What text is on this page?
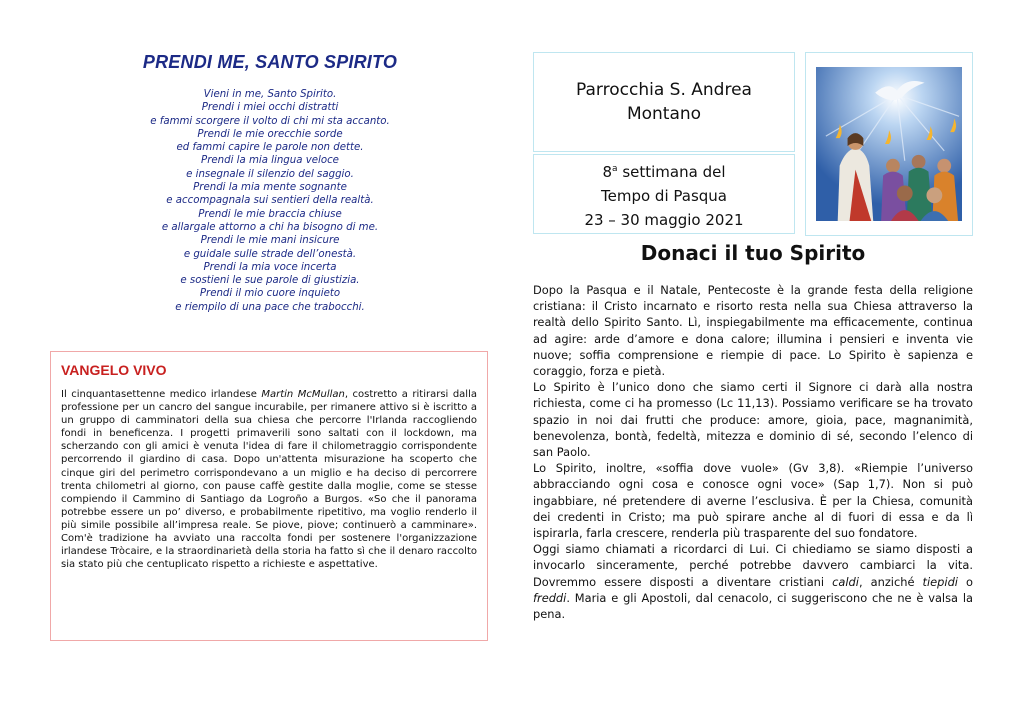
PRENDI ME, SANTO SPIRITO
Vieni in me, Santo Spirito.
Prendi i miei occhi distratti
e fammi scorgere il volto di chi mi sta accanto.
Prendi le mie orecchie sorde
ed fammi capire le parole non dette.
Prendi la mia lingua veloce
e insegnale il silenzio del saggio.
Prendi la mia mente sognante
e accompagnala sui sentieri della realtà.
Prendi le mie braccia chiuse
e allargale attorno a chi ha bisogno di me.
Prendi le mie mani insicure
e guidale sulle strade dell’onestà.
Prendi la mia voce incerta
e sostieni le sue parole di giustizia.
Prendi il mio cuore inquieto
e riempilo di una pace che trabocchi.
VANGELO VIVO

Il cinquantasettenne medico irlandese Martin McMullan, costretto a ritirarsi dalla professione per un cancro del sangue incurabile, per rimanere attivo si è iscritto a un gruppo di camminatori della sua chiesa che percorre l'Irlanda raccogliendo fondi in beneficenza. I progetti primaverili sono saltati con il lockdown, ma scherzando con gli amici è venuta l'idea di fare il chilometraggio corrispondente percorrendo il giardino di casa. Dopo un'attenta misurazione ha scoperto che cinque giri del perimetro corrispondevano a un miglio e ha deciso di percorrere trenta chilometri al giorno, con pause caffè gestite dalla moglie, come se stesse compiendo il Cammino di Santiago da Logroño a Burgos. «So che il panorama potrebbe essere un po’ diverso, e probabilmente ripetitivo, ma voglio renderlo il più simile possibile all’impresa reale. Se piove, piove; continuerò a camminare». Com'è tradizione ha avviato una raccolta fondi per sostenere l'organizzazione irlandese Tròcaire, e la straordinarietà della storia ha fatto sì che il denaro raccolto sia stato più che centuplicato rispetto a richieste e aspettative.

Parrocchia S. Andrea
Montano
8$^a$ settimana del
Tempo di Pasqua
23 – 30 maggio 2021
Donaci il tuo Spirito

Dopo la Pasqua e il Natale, Pentecoste è la grande festa della religione cristiana: il Cristo incarnato e risorto resta nella sua Chiesa attraverso la realtà dello Spirito Santo. Lì, inspiegabilmente ma efficacemente, continua ad agire: arde d’amore e dona calore; illumina i pensieri e inventa vie nuove; soffia comprensione e riempie di pace. Lo Spirito è sapienza e coraggio, forza e pietà.

Lo Spirito è l’unico dono che siamo certi il Signore ci darà alla nostra richiesta, come ci ha promesso (Lc 11,13). Possiamo verificare se ha trovato spazio in noi dai frutti che produce: amore, gioia, pace, magnanimità, benevolenza, bontà, fedeltà, mitezza e dominio di sé, secondo l’elenco di san Paolo.

Lo Spirito, inoltre, «soffia dove vuole» (Gv 3,8). «Riempie l’universo abbracciando ogni cosa e conosce ogni voce» (Sap 1,7). Non si può ingabbiare, né pretendere di averne l’esclusiva. È per la Chiesa, comunità dei credenti in Cristo; ma può spirare anche al di fuori di essa e da lì ispirarla, farla crescere, renderla più trasparente del suo fondatore.

Oggi siamo chiamati a ricordarci di Lui. Ci chiediamo se siamo disposti a invocarlo sinceramente, perché potrebbe davvero cambiarci la vita. Dovremmo essere disposti a diventare cristiani caldi, anziché tiepidi o freddi. Maria e gli Apostoli, dal cenacolo, ci suggeriscono che ne è valsa la pena.
